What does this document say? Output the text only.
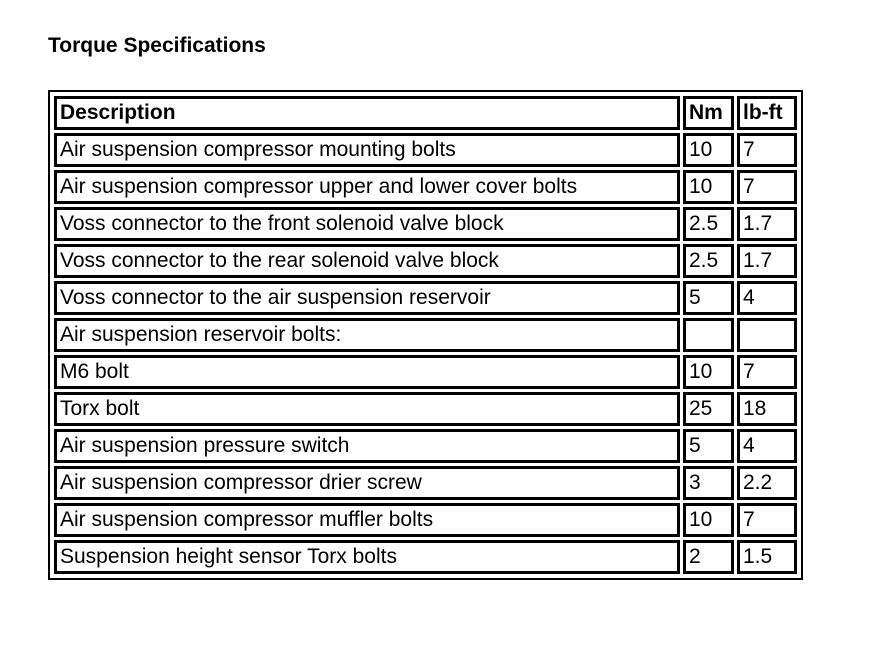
Torque Specifications
Description	Nm	lb-ft
Air suspension compressor mounting bolts	10	7
Air suspension compressor upper and lower cover bolts	10	7
Voss connector to the front solenoid valve block	2.5	1.7
Voss connector to the rear solenoid valve block	2.5	1.7
Voss connector to the air suspension reservoir	5	4
Air suspension reservoir bolts:		
M6 bolt	10	7
Torx bolt	25	18
Air suspension pressure switch	5	4
Air suspension compressor drier screw	3	2.2
Air suspension compressor muffler bolts	10	7
Suspension height sensor Torx bolts	2	1.5
